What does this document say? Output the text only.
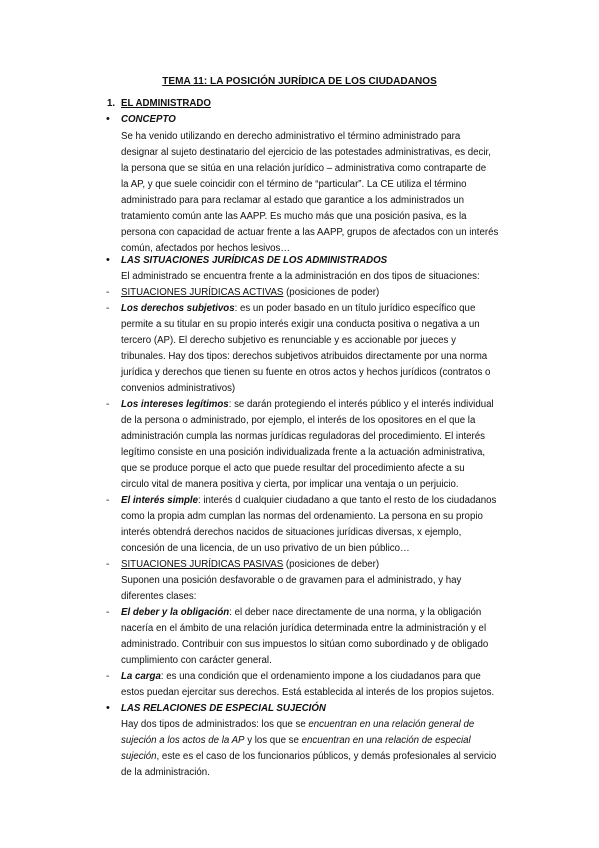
TEMA 11: LA POSICIÓN JURÍDICA DE LOS CIUDADANOS
1. EL ADMINISTRADO
• CONCEPTO
Se ha venido utilizando en derecho administrativo el término administrado para
designar al sujeto destinatario del ejercicio de las potestades administrativas, es decir,
la persona que se sitúa en una relación jurídico – administrativa como contraparte de
la AP, y que suele coincidir con el término de “particular”. La CE utiliza el término
administrado para para reclamar al estado que garantice a los administrados un
tratamiento común ante las AAPP. Es mucho más que una posición pasiva, es la
persona con capacidad de actuar frente a las AAPP, grupos de afectados con un interés
común, afectados por hechos lesivos…
• LAS SITUACIONES JURÍDICAS DE LOS ADMINISTRADOS
El administrado se encuentra frente a la administración en dos tipos de situaciones:
- SITUACIONES JURÍDICAS ACTIVAS (posiciones de poder)
- Los derechos subjetivos: es un poder basado en un título jurídico específico que
permite a su titular en su propio interés exigir una conducta positiva o negativa a un
tercero (AP). El derecho subjetivo es renunciable y es accionable por jueces y
tribunales. Hay dos tipos: derechos subjetivos atribuidos directamente por una norma
jurídica y derechos que tienen su fuente en otros actos y hechos jurídicos (contratos o
convenios administrativos)
- Los intereses legítimos: se darán protegiendo el interés público y el interés individual
de la persona o administrado, por ejemplo, el interés de los opositores en el que la
administración cumpla las normas jurídicas reguladoras del procedimiento. El interés
legítimo consiste en una posición individualizada frente a la actuación administrativa,
que se produce porque el acto que puede resultar del procedimiento afecte a su
circulo vital de manera positiva y cierta, por implicar una ventaja o un perjuicio.
- El interés simple: interés d cualquier ciudadano a que tanto el resto de los ciudadanos
como la propia adm cumplan las normas del ordenamiento. La persona en su propio
interés obtendrá derechos nacidos de situaciones jurídicas diversas, x ejemplo,
concesión de una licencia, de un uso privativo de un bien público…
- SITUACIONES JURÍDICAS PASIVAS (posiciones de deber)
Suponen una posición desfavorable o de gravamen para el administrado, y hay
diferentes clases:
- El deber y la obligación: el deber nace directamente de una norma, y la obligación
nacería en el ámbito de una relación jurídica determinada entre la administración y el
administrado. Contribuir con sus impuestos lo sitúan como subordinado y de obligado
cumplimiento con carácter general.
- La carga: es una condición que el ordenamiento impone a los ciudadanos para que
estos puedan ejercitar sus derechos. Está establecida al interés de los propios sujetos.
• LAS RELACIONES DE ESPECIAL SUJECIÓN
Hay dos tipos de administrados: los que se encuentran en una relación general de
sujeción a los actos de la AP y los que se encuentran en una relación de especial
sujeción, este es el caso de los funcionarios públicos, y demás profesionales al servicio
de la administración.
